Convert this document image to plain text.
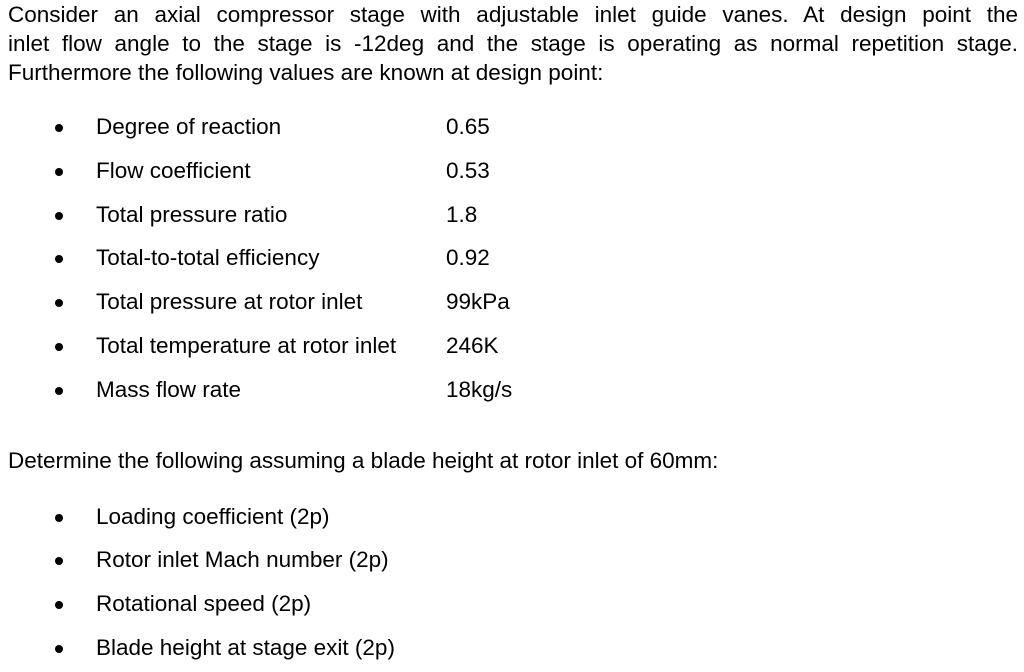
Consider an axial compressor stage with adjustable inlet guide vanes. At design point the
inlet flow angle to the stage is -12deg and the stage is operating as normal repetition stage.
Furthermore the following values are known at design point:

Degree of reaction	0.65
Flow coefficient	0.53
Total pressure ratio	1.8
Total-to-total efficiency	0.92
Total pressure at rotor inlet	99kPa
Total temperature at rotor inlet 246K
Mass flow rate	18kg/s

Determine the following assuming a blade height at rotor inlet of 60mm:

Loading coefficient (2p)
Rotor inlet Mach number (2p)
Rotational speed (2p)
Blade height at stage exit (2p)
